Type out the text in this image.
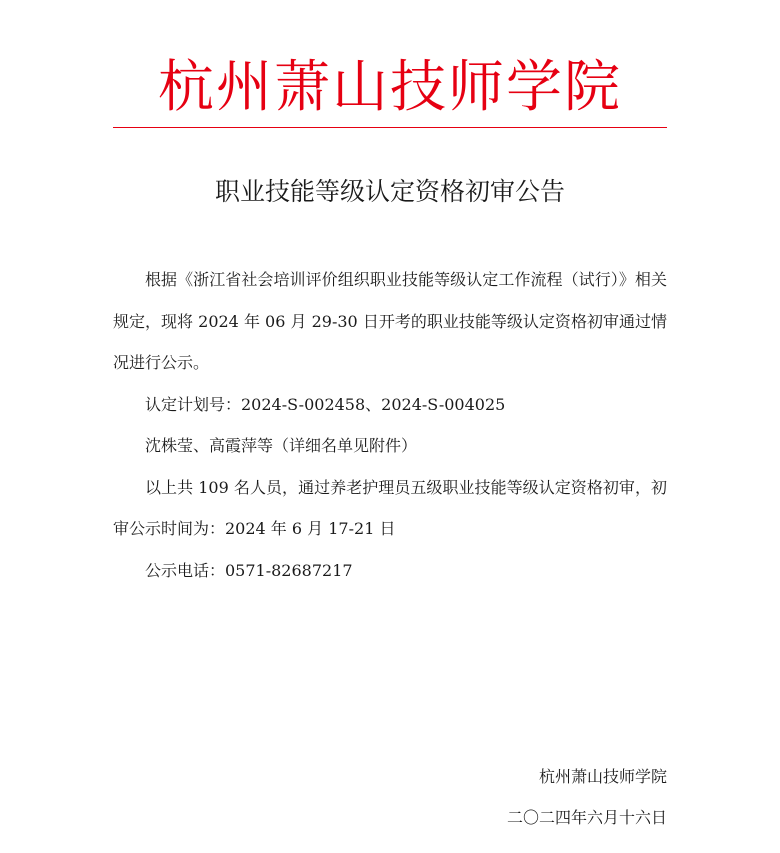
杭州萧山技师学院
职业技能等级认定资格初审公告

根据《浙江省社会培训评价组织职业技能等级认定工作流程（试行）》相关规定，现将 2024 年 06 月 29-30 日开考的职业技能等级认定资格初审通过情况进行公示。

认定计划号：2024-S-002458、2024-S-004025

沈株莹、高霞萍等（详细名单见附件）

以上共 109 名人员，通过养老护理员五级职业技能等级认定资格初审，初审公示时间为：2024 年 6 月 17-21 日

公示电话：0571-82687217

杭州萧山技师学院
二〇二四年六月十六日
